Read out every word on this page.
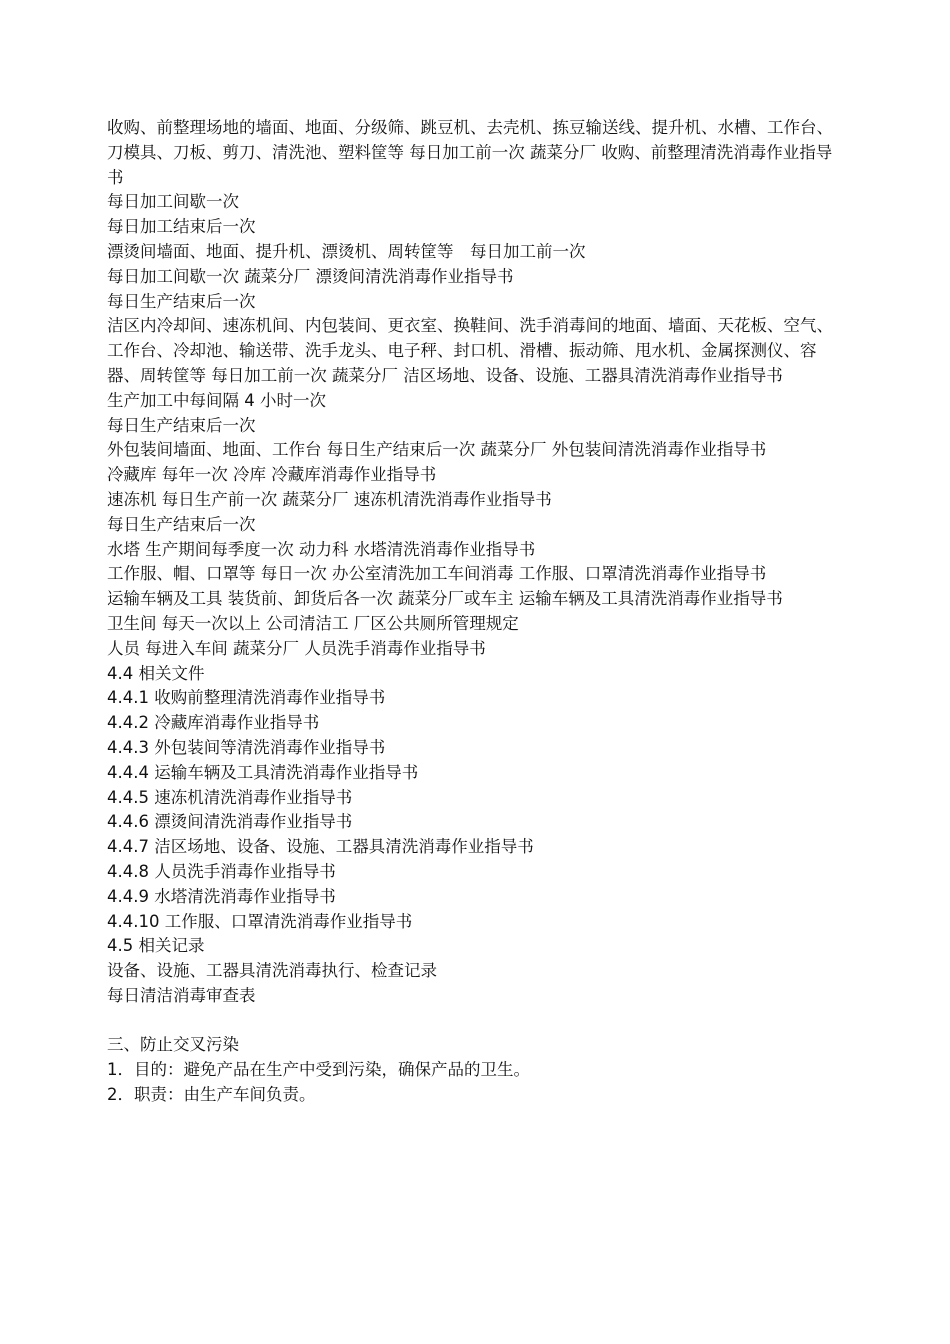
收购、前整理场地的墙面、地面、分级筛、跳豆机、去壳机、拣豆输送线、提升机、水槽、工作台、刀模具、刀板、剪刀、清洗池、塑料筐等 每日加工前一次 蔬菜分厂 收购、前整理清洗消毒作业指导书

每日加工间歇一次

每日加工结束后一次

漂烫间墙面、地面、提升机、漂烫机、周转筐等　每日加工前一次

每日加工间歇一次 蔬菜分厂 漂烫间清洗消毒作业指导书

每日生产结束后一次

洁区内冷却间、速冻机间、内包装间、更衣室、换鞋间、洗手消毒间的地面、墙面、天花板、空气、工作台、冷却池、输送带、洗手龙头、电子秤、封口机、滑槽、振动筛、甩水机、金属探测仪、容器、周转筐等 每日加工前一次 蔬菜分厂 洁区场地、设备、设施、工器具清洗消毒作业指导书

生产加工中每间隔 4 小时一次

每日生产结束后一次

外包装间墙面、地面、工作台 每日生产结束后一次 蔬菜分厂 外包装间清洗消毒作业指导书

冷藏库 每年一次 冷库 冷藏库消毒作业指导书

速冻机 每日生产前一次 蔬菜分厂 速冻机清洗消毒作业指导书

每日生产结束后一次

水塔 生产期间每季度一次 动力科 水塔清洗消毒作业指导书

工作服、帽、口罩等 每日一次 办公室清洗加工车间消毒 工作服、口罩清洗消毒作业指导书

运输车辆及工具 装货前、卸货后各一次 蔬菜分厂或车主 运输车辆及工具清洗消毒作业指导书

卫生间 每天一次以上 公司清洁工 厂区公共厕所管理规定

人员 每进入车间 蔬菜分厂 人员洗手消毒作业指导书

4.4 相关文件

4.4.1 收购前整理清洗消毒作业指导书

4.4.2 冷藏库消毒作业指导书

4.4.3 外包装间等清洗消毒作业指导书

4.4.4 运输车辆及工具清洗消毒作业指导书

4.4.5 速冻机清洗消毒作业指导书

4.4.6 漂烫间清洗消毒作业指导书

4.4.7 洁区场地、设备、设施、工器具清洗消毒作业指导书

4.4.8 人员洗手消毒作业指导书

4.4.9 水塔清洗消毒作业指导书

4.4.10 工作服、口罩清洗消毒作业指导书

4.5 相关记录

设备、设施、工器具清洗消毒执行、检查记录

每日清洁消毒审查表

三、防止交叉污染

1．目的：避免产品在生产中受到污染，确保产品的卫生。

2．职责：由生产车间负责。
